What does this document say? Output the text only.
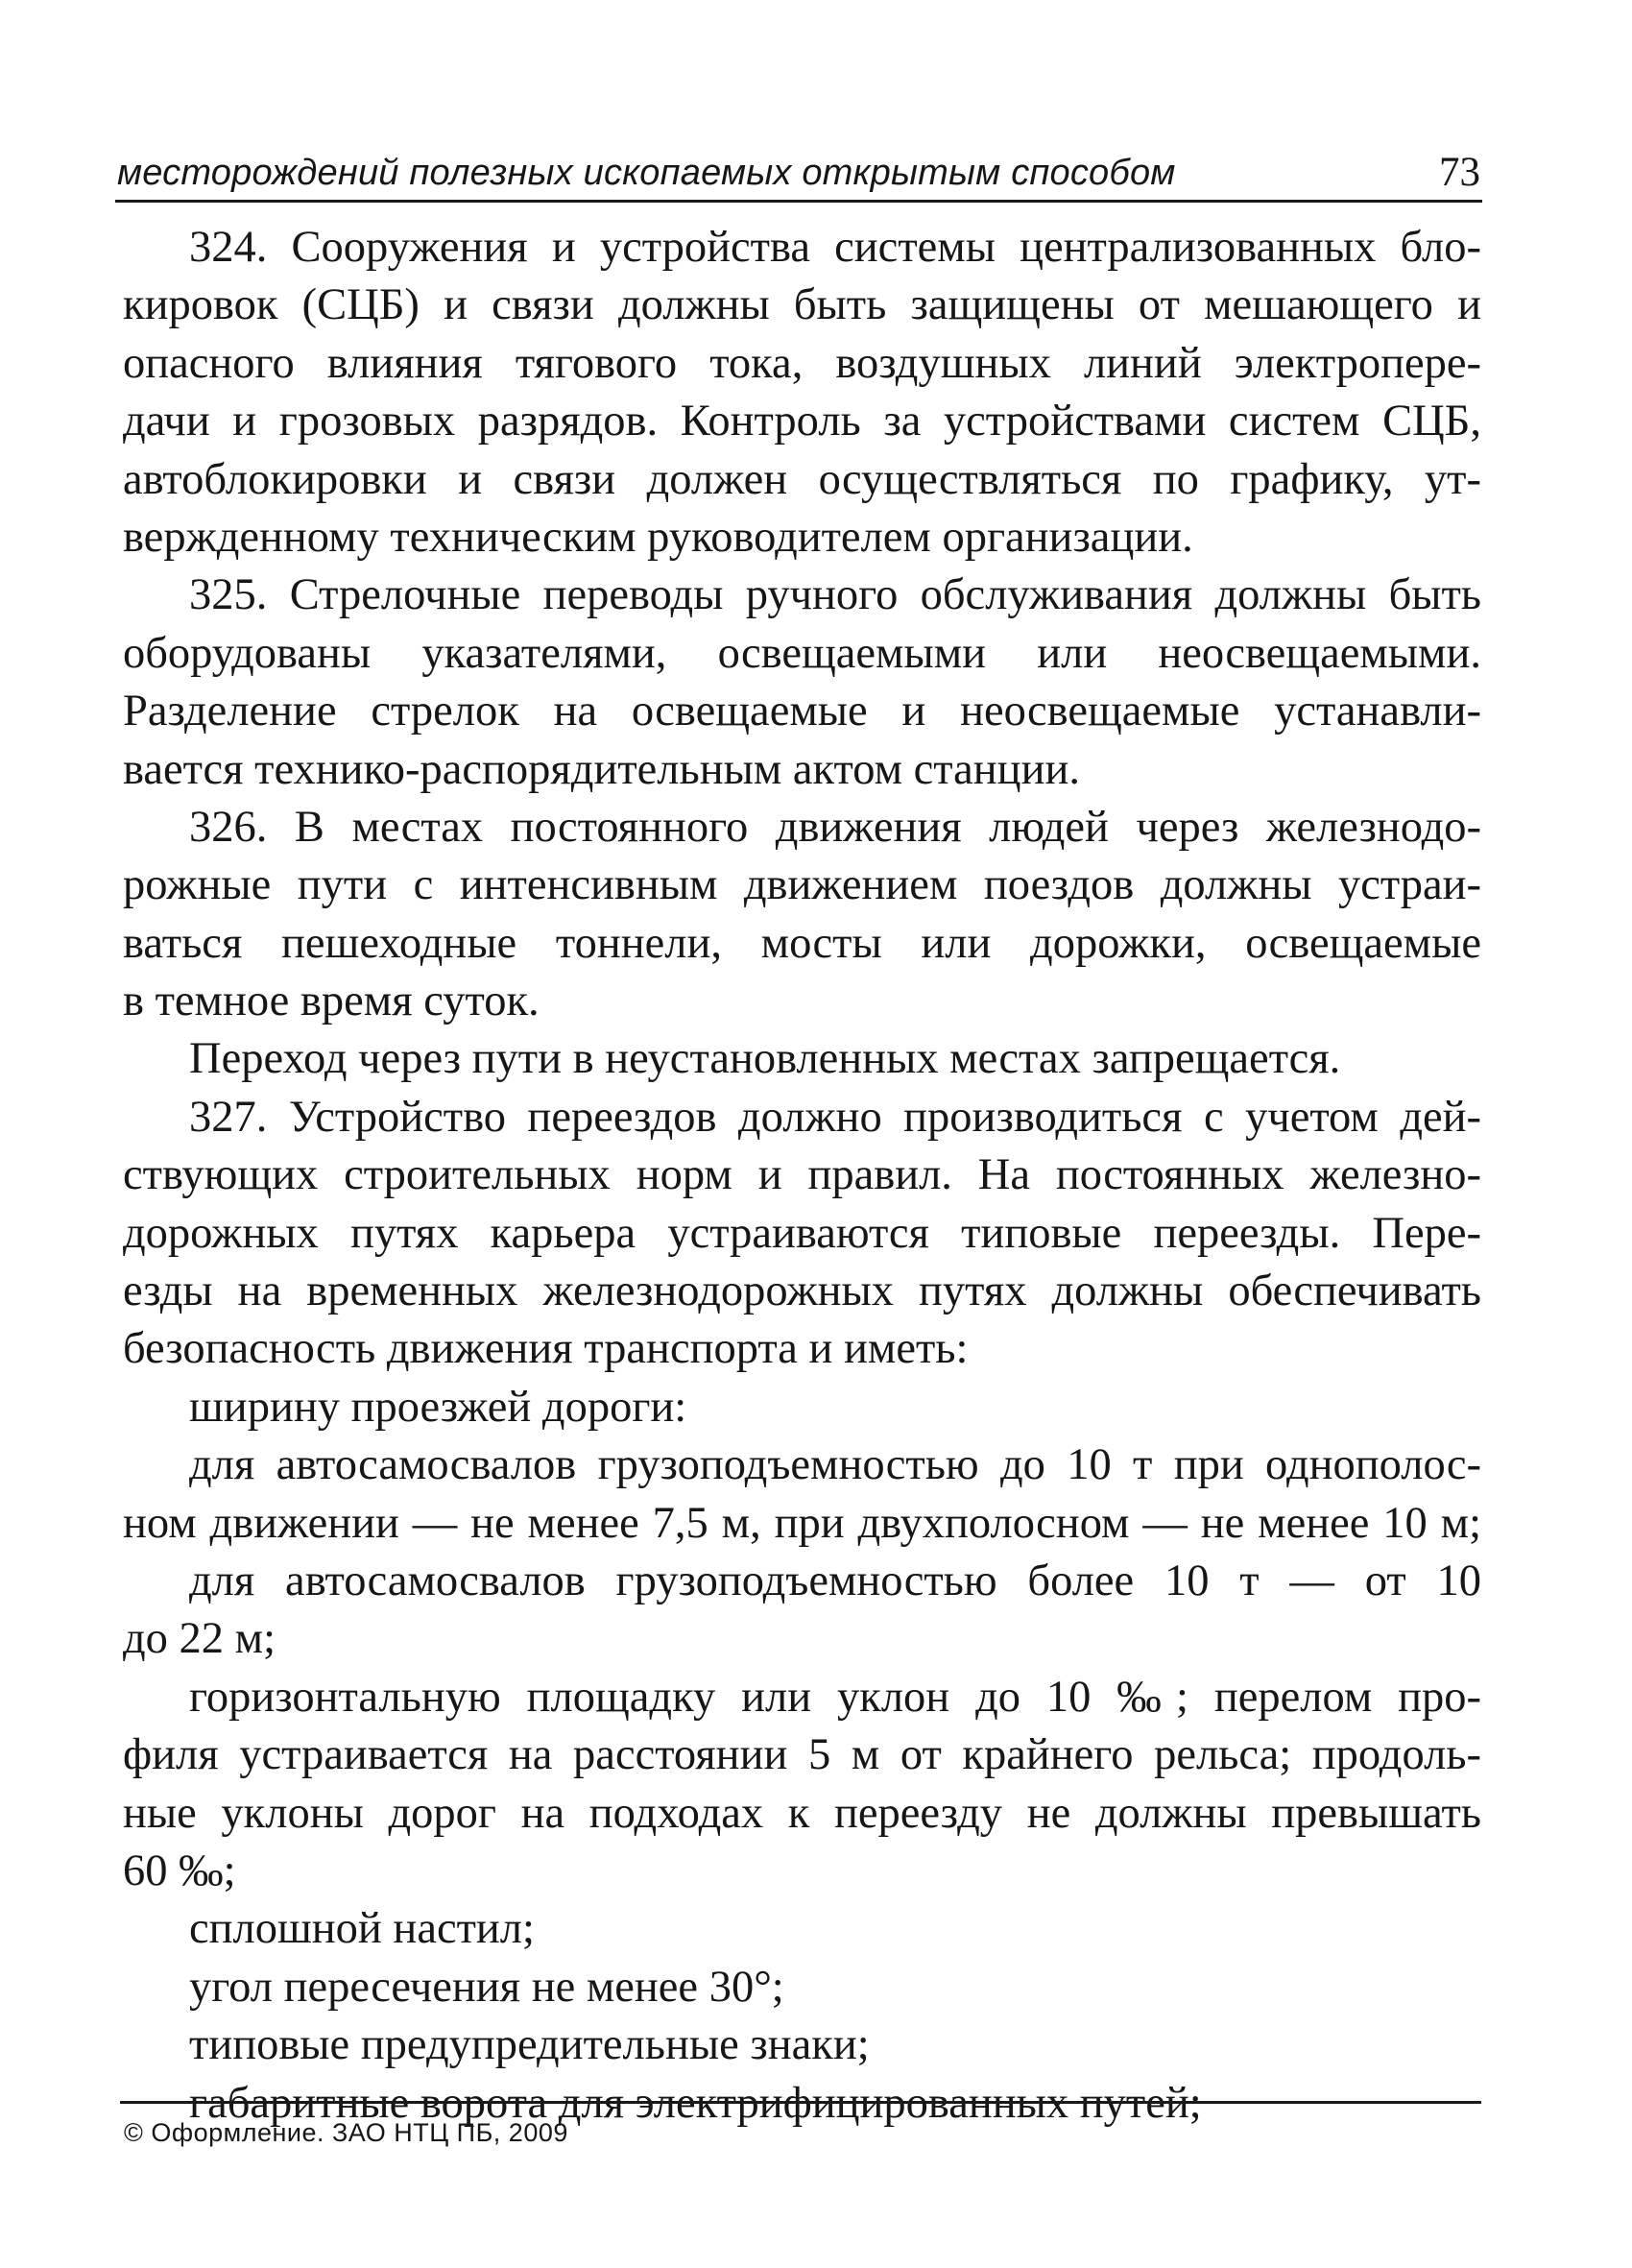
месторождений полезных ископаемых открытым способом	73
324. Сооружения и устройства системы централизованных бло-
кировок (СЦБ) и связи должны быть защищены от мешающего и
опасного влияния тягового тока, воздушных линий электропере-
дачи и грозовых разрядов. Контроль за устройствами систем СЦБ,
автоблокировки и связи должен осуществляться по графику, ут-
вержденному техническим руководителем организации.
325. Стрелочные переводы ручного обслуживания должны быть
оборудованы указателями, освещаемыми или неосвещаемыми.
Разделение стрелок на освещаемые и неосвещаемые устанавли-
вается технико-распорядительным актом станции.
326. В местах постоянного движения людей через железнодо-
рожные пути с интенсивным движением поездов должны устраи-
ваться пешеходные тоннели, мосты или дорожки, освещаемые
в темное время суток.
Переход через пути в неустановленных местах запрещается.
327. Устройство переездов должно производиться с учетом дей-
ствующих строительных норм и правил. На постоянных железно-
дорожных путях карьера устраиваются типовые переезды. Пере-
езды на временных железнодорожных путях должны обеспечивать
безопасность движения транспорта и иметь:
ширину проезжей дороги:
для автосамосвалов грузоподъемностью до 10 т при однополос-
ном движении — не менее 7,5 м, при двухполосном — не менее 10 м;
для автосамосвалов грузоподъемностью более 10 т — от 10
до 22 м;
горизонтальную площадку или уклон до 10 ‰; перелом про-
филя устраивается на расстоянии 5 м от крайнего рельса; продоль-
ные уклоны дорог на подходах к переезду не должны превышать
60 ‰;
сплошной настил;
угол пересечения не менее 30°;
типовые предупредительные знаки;
габаритные ворота для электрифицированных путей;
© Оформление. ЗАО НТЦ ПБ, 2009
